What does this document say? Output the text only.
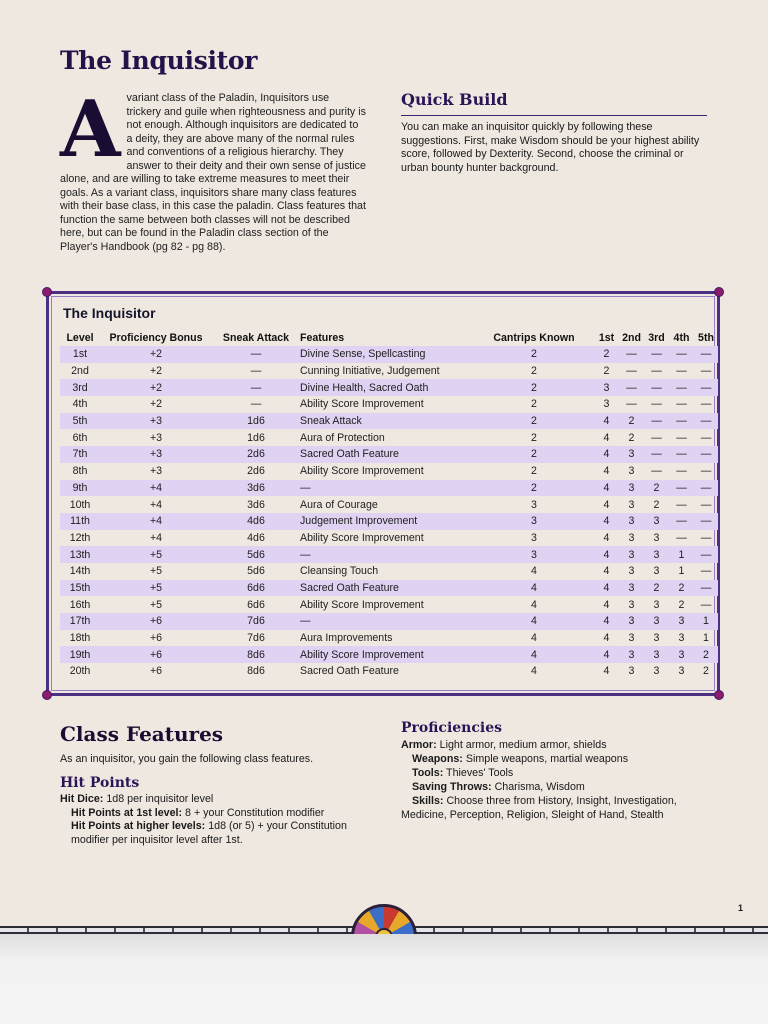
The Inquisitor
Avariant class of the Paladin, Inquisitors use trickery and guile when righteousness and purity is not enough. Although inquisitors are dedicated to a deity, they are above many of the normal rules and conventions of a religious hierarchy. They answer to their deity and their own sense of justice alone, and are willing to take extreme measures to meet their goals. As a variant class, inquisitors share many class features with their base class, in this case the paladin. Class features that function the same between both classes will not be described here, but can be found in the Paladin class section of the Player's Handbook (pg 82 - pg 88).
Quick Build
You can make an inquisitor quickly by following these suggestions. First, make Wisdom should be your highest ability score, followed by Dexterity. Second, choose the criminal or urban bounty hunter background.
The Inquisitor
Level	Proficiency Bonus	Sneak Attack	Features	Cantrips Known	1st	2nd	3rd	4th	5th
1st	+2	—	Divine Sense, Spellcasting	2	2	—	—	—	—
2nd	+2	—	Cunning Initiative, Judgement	2	2	—	—	—	—
3rd	+2	—	Divine Health, Sacred Oath	2	3	—	—	—	—
4th	+2	—	Ability Score Improvement	2	3	—	—	—	—
5th	+3	1d6	Sneak Attack	2	4	2	—	—	—
6th	+3	1d6	Aura of Protection	2	4	2	—	—	—
7th	+3	2d6	Sacred Oath Feature	2	4	3	—	—	—
8th	+3	2d6	Ability Score Improvement	2	4	3	—	—	—
9th	+4	3d6	—	2	4	3	2	—	—
10th	+4	3d6	Aura of Courage	3	4	3	2	—	—
11th	+4	4d6	Judgement Improvement	3	4	3	3	—	—
12th	+4	4d6	Ability Score Improvement	3	4	3	3	—	—
13th	+5	5d6	—	3	4	3	3	1	—
14th	+5	5d6	Cleansing Touch	4	4	3	3	1	—
15th	+5	6d6	Sacred Oath Feature	4	4	3	2	2	—
16th	+5	6d6	Ability Score Improvement	4	4	3	3	2	—
17th	+6	7d6	—	4	4	3	3	3	1
18th	+6	7d6	Aura Improvements	4	4	3	3	3	1
19th	+6	8d6	Ability Score Improvement	4	4	3	3	3	2
20th	+6	8d6	Sacred Oath Feature	4	4	3	3	3	2
Class Features
As an inquisitor, you gain the following class features.
Hit Points
Hit Dice: 1d8 per inquisitor level
Hit Points at 1st level: 8 + your Constitution modifier
Hit Points at higher levels: 1d8 (or 5) + your Constitution modifier per inquisitor level after 1st.
Proficiencies
Armor: Light armor, medium armor, shields
Weapons: Simple weapons, martial weapons
Tools: Thieves' Tools
Saving Throws: Charisma, Wisdom
Skills: Choose three from History, Insight, Investigation, Medicine, Perception, Religion, Sleight of Hand, Stealth
1
